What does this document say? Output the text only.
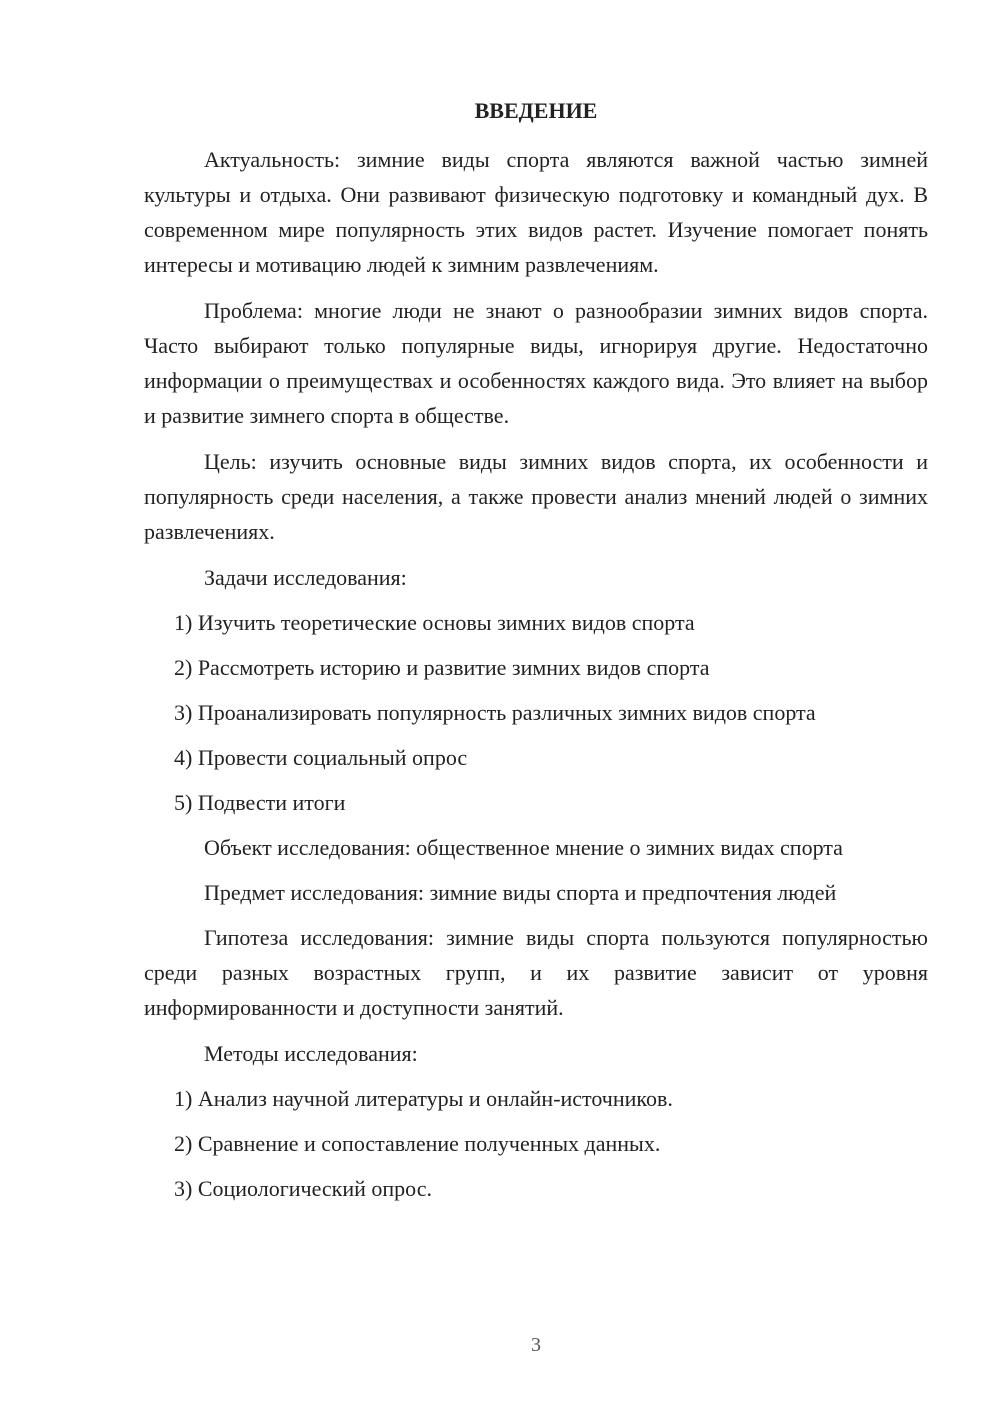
ВВЕДЕНИЕ

Актуальность: зимние виды спорта являются важной частью зимней культуры и отдыха. Они развивают физическую подготовку и командный дух. В современном мире популярность этих видов растет. Изучение помогает понять интересы и мотивацию людей к зимним развлечениям.

Проблема: многие люди не знают о разнообразии зимних видов спорта. Часто выбирают только популярные виды, игнорируя другие. Недостаточно информации о преимуществах и особенностях каждого вида. Это влияет на выбор и развитие зимнего спорта в обществе.

Цель: изучить основные виды зимних видов спорта, их особенности и популярность среди населения, а также провести анализ мнений людей о зимних развлечениях.

Задачи исследования:

1) Изучить теоретические основы зимних видов спорта
2) Рассмотреть историю и развитие зимних видов спорта
3) Проанализировать популярность различных зимних видов спорта
4) Провести социальный опрос
5) Подвести итоги

Объект исследования: общественное мнение о зимних видах спорта

Предмет исследования: зимние виды спорта и предпочтения людей

Гипотеза исследования: зимние виды спорта пользуются популярностью среди разных возрастных групп, и их развитие зависит от уровня информированности и доступности занятий.

Методы исследования:

1) Анализ научной литературы и онлайн-источников.
2) Сравнение и сопоставление полученных данных.
3) Социологический опрос.
3
